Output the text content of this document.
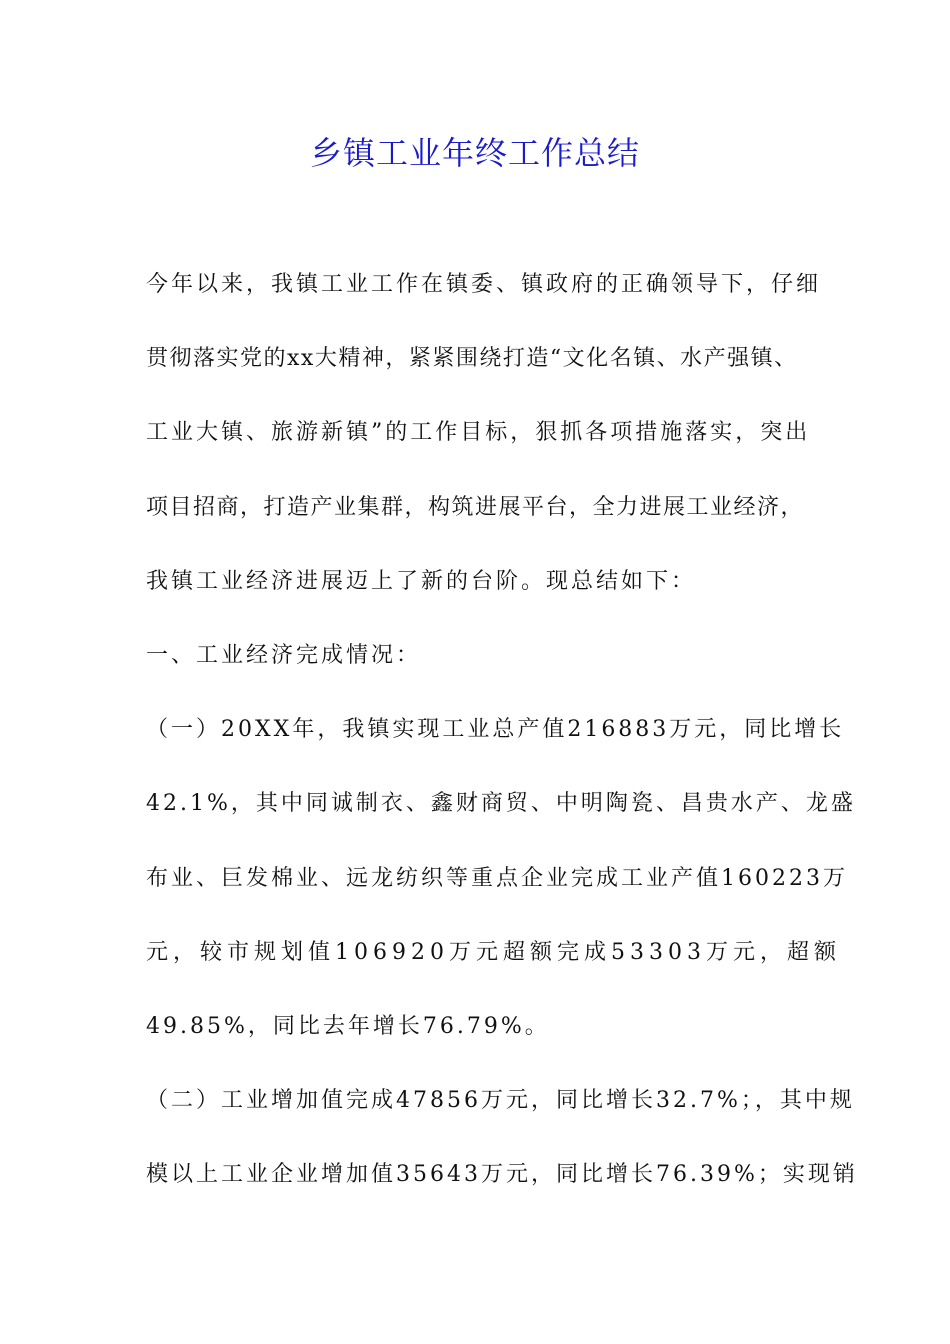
乡镇工业年终工作总结
今年以来，我镇工业工作在镇委、镇政府的正确领导下，仔细
贯彻落实党的xx大精神，紧紧围绕打造“文化名镇、水产强镇、
工业大镇、旅游新镇”的工作目标，狠抓各项措施落实，突出
项目招商，打造产业集群，构筑进展平台，全力进展工业经济，
我镇工业经济进展迈上了新的台阶。现总结如下：
一、工业经济完成情况：
（一）20XX年，我镇实现工业总产值216883万元，同比增长
42.1%，其中同诚制衣、鑫财商贸、中明陶瓷、昌贵水产、龙盛
布业、巨发棉业、远龙纺织等重点企业完成工业产值160223万
元，较市规划值106920万元超额完成53303万元，超额
49.85%，同比去年增长76.79%。
（二）工业增加值完成47856万元，同比增长32.7%；，其中规
模以上工业企业增加值35643万元，同比增长76.39%；实现销
